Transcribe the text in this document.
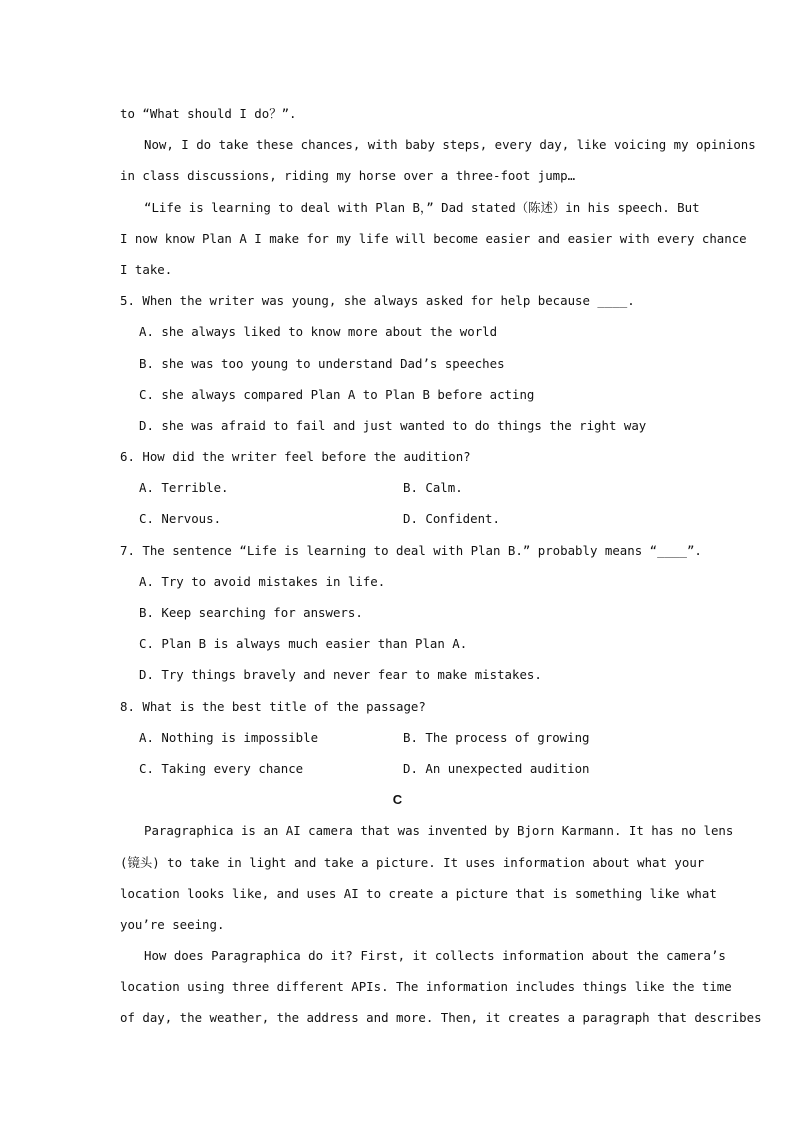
to “What should I do？”.
Now, I do take these chances, with baby steps, every day, like voicing my opinions
in class discussions, riding my horse over a three-foot jump…
“Life is learning to deal with Plan B，” Dad stated（陈述）in his speech. But
I now know Plan A I make for my life will become easier and easier with every chance
I take.
5. When the writer was young, she always asked for help because ____.
A. she always liked to know more about the world
B. she was too young to understand Dad’s speeches
C. she always compared Plan A to Plan B before acting
D. she was afraid to fail and just wanted to do things the right way
6. How did the writer feel before the audition?
A. Terrible.	B. Calm.
C. Nervous.	D. Confident.
7. The sentence “Life is learning to deal with Plan B.” probably means “____”.
A. Try to avoid mistakes in life.
B. Keep searching for answers.
C. Plan B is always much easier than Plan A.
D. Try things bravely and never fear to make mistakes.
8. What is the best title of the passage?
A. Nothing is impossible	B. The process of growing
C. Taking every chance	D. An unexpected audition
C
Paragraphica is an AI camera that was invented by Bjorn Karmann. It has no lens
(镜头) to take in light and take a picture. It uses information about what your
location looks like, and uses AI to create a picture that is something like what
you’re seeing.
How does Paragraphica do it? First, it collects information about the camera’s
location using three different APIs. The information includes things like the time
of day, the weather, the address and more. Then, it creates a paragraph that describes
